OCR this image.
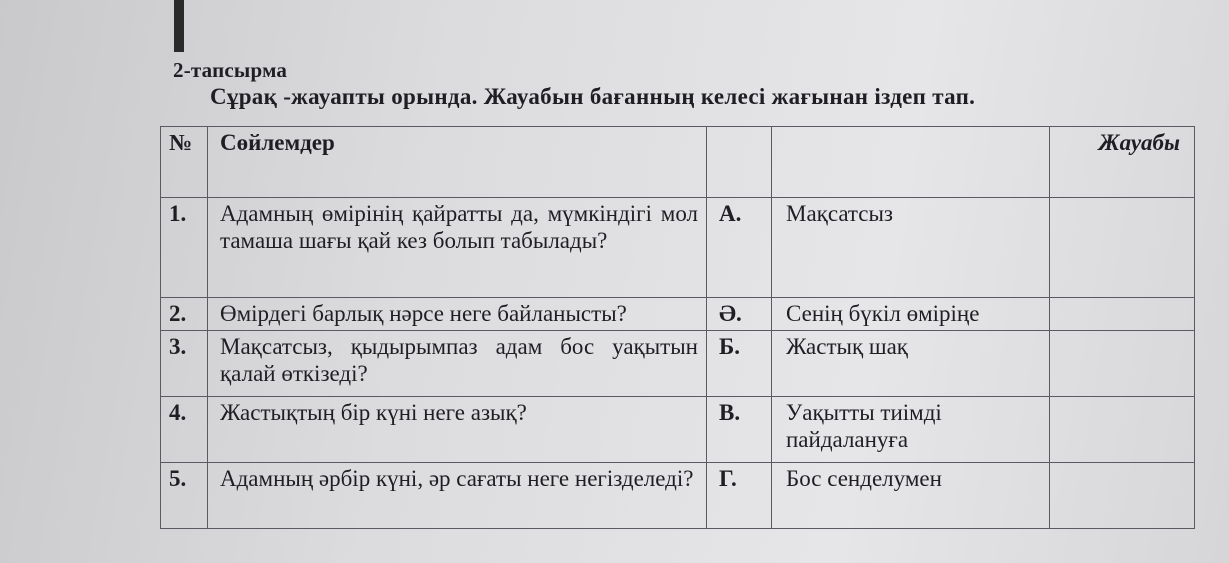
2-тапсырма
Сұрақ -жауапты орында. Жауабын бағанның келесі жағынан іздеп тап.
№	Сөйлемдер			Жауабы
1.	Адамның өмірінің қайратты да, мүмкіндігі мол тамаша шағы қай кез болып табылады?	А.	Мақсатсыз	
2.	Өмірдегі барлық нәрсе неге байланысты?	Ә.	Сенің бүкіл өміріңе	
3.	Мақсатсыз, қыдырымпаз адам бос уақытын қалай өткізеді?	Б.	Жастық шақ	
4.	Жастықтың бір күні неге азық?	В.	Уақытты тиімді пайдалануға	
5.	Адамның әрбір күні, әр сағаты неге негізделеді?	Г.	Бос сенделумен	
